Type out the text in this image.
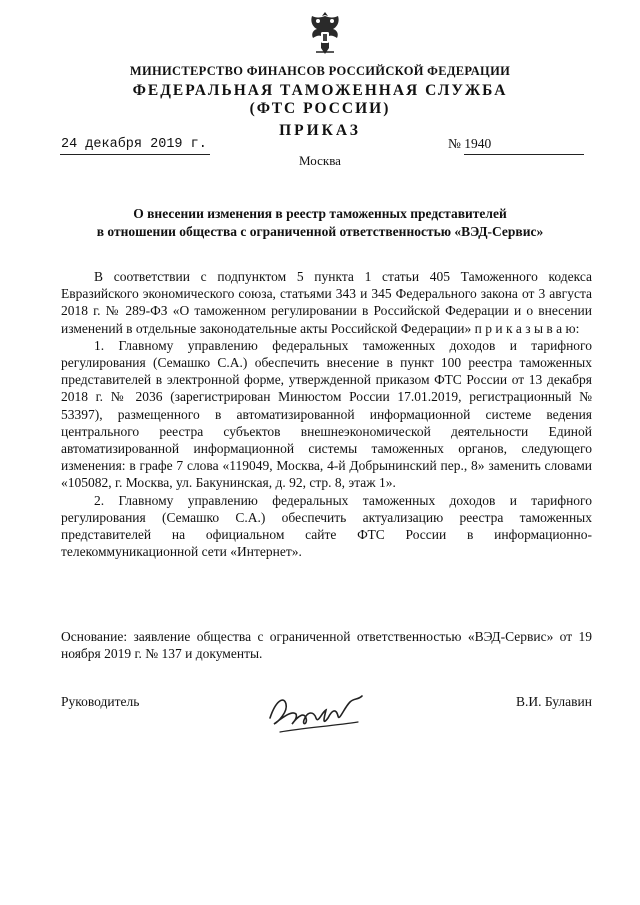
МИНИСТЕРСТВО ФИНАНСОВ РОССИЙСКОЙ ФЕДЕРАЦИИ
ФЕДЕРАЛЬНАЯ ТАМОЖЕННАЯ СЛУЖБА
(ФТС РОССИИ)
ПРИКАЗ
24 декабря 2019 г.	№ 1940
Москва
О внесении изменения в реестр таможенных представителей
в отношении общества с ограниченной ответственностью «ВЭД-Сервис»

В соответствии с подпунктом 5 пункта 1 статьи 405 Таможенного кодекса Евразийского экономического союза, статьями 343 и 345 Федерального закона от 3 августа 2018 г. № 289-ФЗ «О таможенном регулировании в Российской Федерации и о внесении изменений в отдельные законодательные акты Российской Федерации» п р и к а з ы в а ю:

1. Главному управлению федеральных таможенных доходов и тарифного регулирования (Семашко С.А.) обеспечить внесение в пункт 100 реестра таможенных представителей в электронной форме, утвержденной приказом ФТС России от 13 декабря 2018 г. № 2036 (зарегистрирован Минюстом России 17.01.2019, регистрационный № 53397), размещенного в автоматизированной информационной системе ведения центрального реестра субъектов внешнеэкономической деятельности Единой автоматизированной информационной системы таможенных органов, следующего изменения: в графе 7 слова «119049, Москва, 4-й Добрынинский пер., 8» заменить словами «105082, г. Москва, ул. Бакунинская, д. 92, стр. 8, этаж 1».

2. Главному управлению федеральных таможенных доходов и тарифного регулирования (Семашко С.А.) обеспечить актуализацию реестра таможенных представителей на официальном сайте ФТС России в информационно-телекоммуникационной сети «Интернет».

Основание: заявление общества с ограниченной ответственностью «ВЭД-Сервис» от 19 ноября 2019 г. № 137 и документы.

Руководитель	В.И. Булавин
